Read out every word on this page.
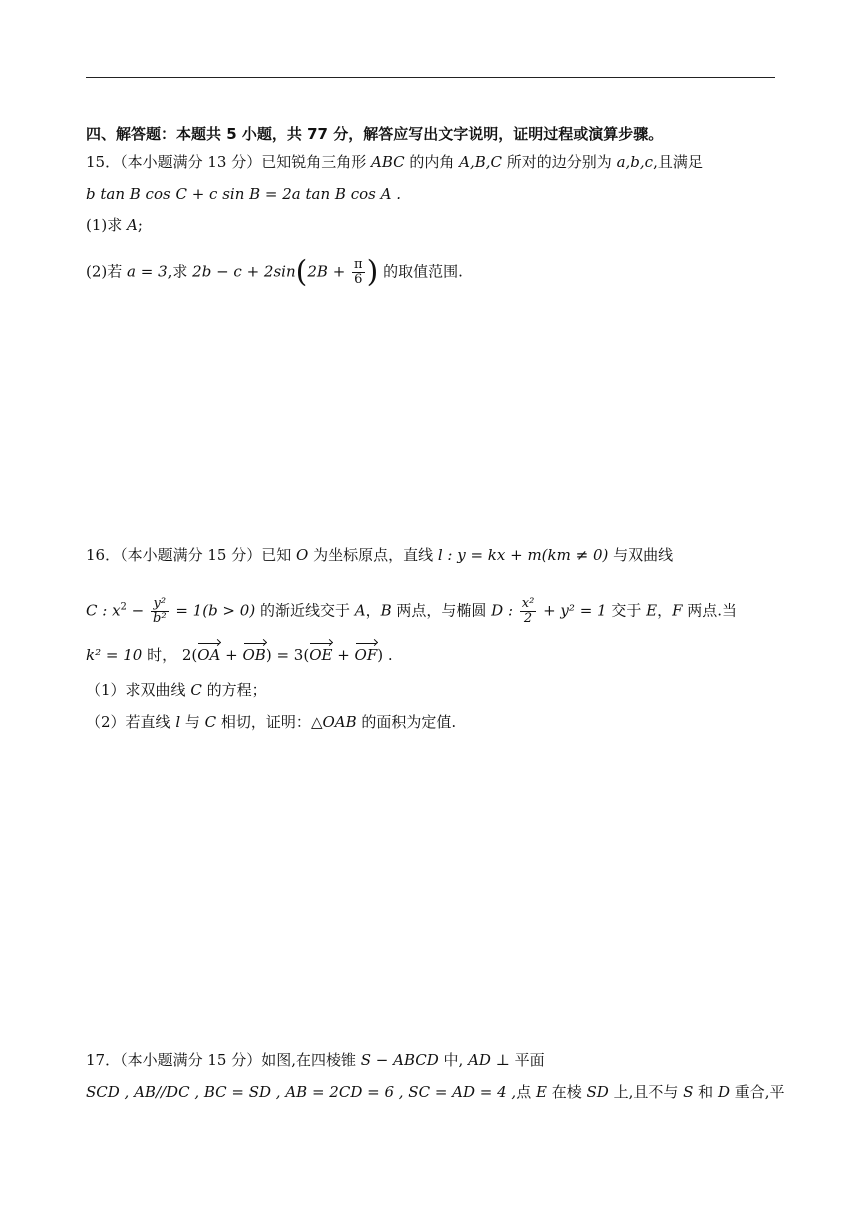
四、解答题：本题共 5 小题，共 77 分，解答应写出文字说明，证明过程或演算步骤。
15．（本小题满分 13 分）已知锐角三角形 ABC 的内角 A,B,C 所对的边分别为 a,b,c,且满足
b tan B cos C + c sin B = 2a tan B cos A .
(1)求 A;
(2)若 a = 3,求 $2b - c + 2\sin(2B + \frac{\pi}{6}$ ) 的取值范围.
16．（本小题满分 15 分）已知 O 为坐标原点，直线 l : y = kx + m(km ≠ 0) 与双曲线
C : $x^2 - \frac{\text{y²}}{\text{b²}} = 1(b > 0)$ 的渐近线交于 A，B 两点，与椭圆 D : $\frac{\text{x²}}{2} + y^2 = 1$ 交于 E，F 两点.当
k² = 10 时， 2(OA + OB) = 3(OE + OF) .
（1）求双曲线 C 的方程；
（2）若直线 l 与 C 相切，证明：△OAB 的面积为定值.
17．（本小题满分 15 分）如图,在四棱锥 S − ABCD 中, AD ⊥ 平面
SCD , AB//DC , BC = SD , AB = 2CD = 6 , SC = AD = 4 ,点 E 在棱 SD 上,且不与 S 和 D 重合,平
